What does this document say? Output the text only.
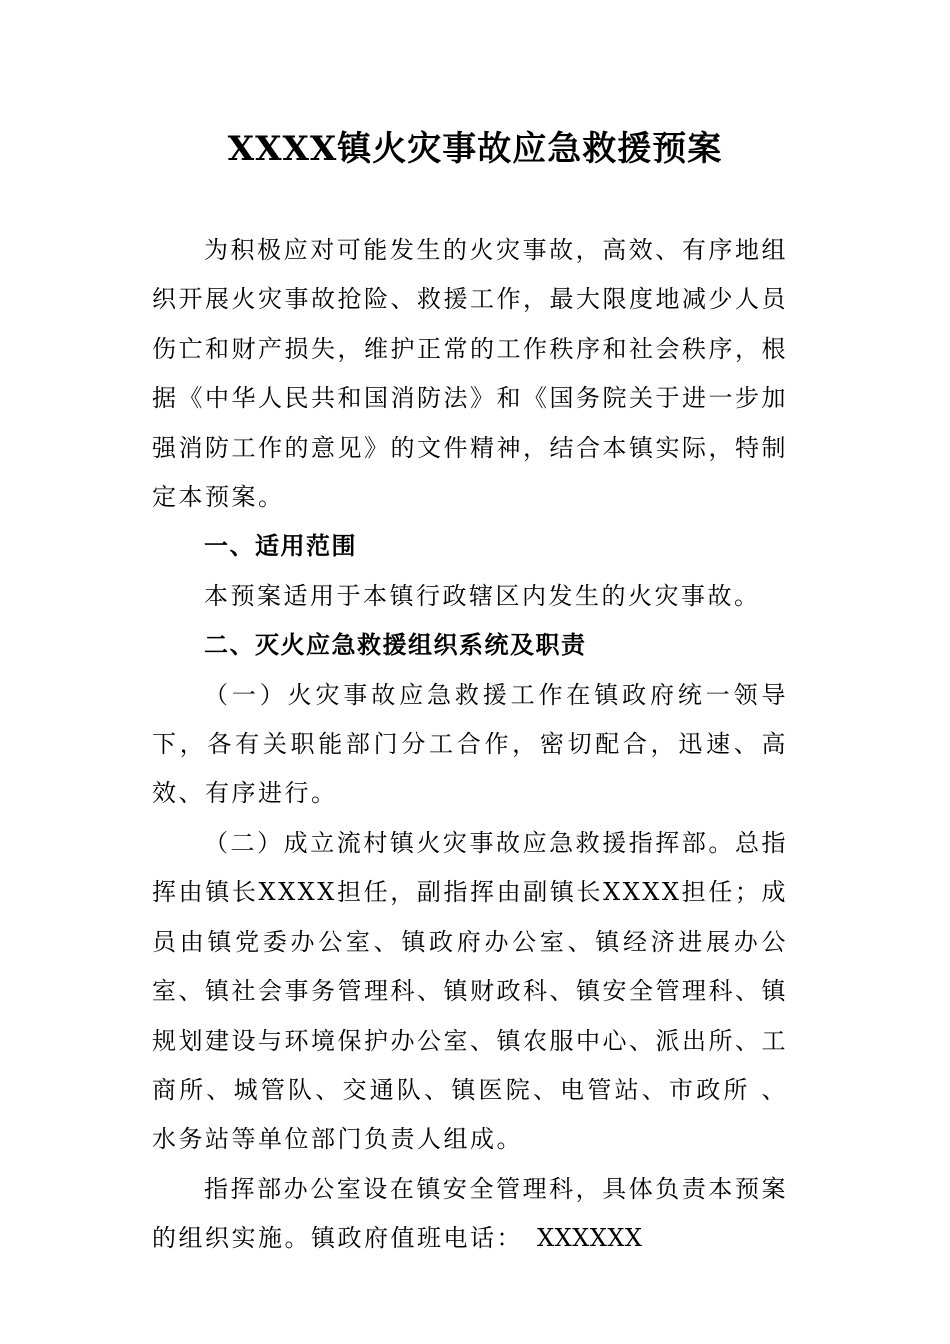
XXXX镇火灾事故应急救援预案

为积极应对可能发生的火灾事故，高效、有序地组织开展火灾事故抢险、救援工作，最大限度地减少人员伤亡和财产损失，维护正常的工作秩序和社会秩序，根据《中华人民共和国消防法》和《国务院关于进一步加强消防工作的意见》的文件精神，结合本镇实际，特制定本预案。

一、适用范围

本预案适用于本镇行政辖区内发生的火灾事故。

二、灭火应急救援组织系统及职责

（一）火灾事故应急救援工作在镇政府统一领导下，各有关职能部门分工合作，密切配合，迅速、高效、有序进行。

（二）成立流村镇火灾事故应急救援指挥部。总指挥由镇长XXXX担任，副指挥由副镇长XXXX担任；成员由镇党委办公室、镇政府办公室、镇经济进展办公室、镇社会事务管理科、镇财政科、镇安全管理科、镇规划建设与环境保护办公室、镇农服中心、派出所、工商所、城管队、交通队、镇医院、电管站、市政所 、水务站等单位部门负责人组成。

指挥部办公室设在镇安全管理科，具体负责本预案的组织实施。镇政府值班电话： XXXXXX
